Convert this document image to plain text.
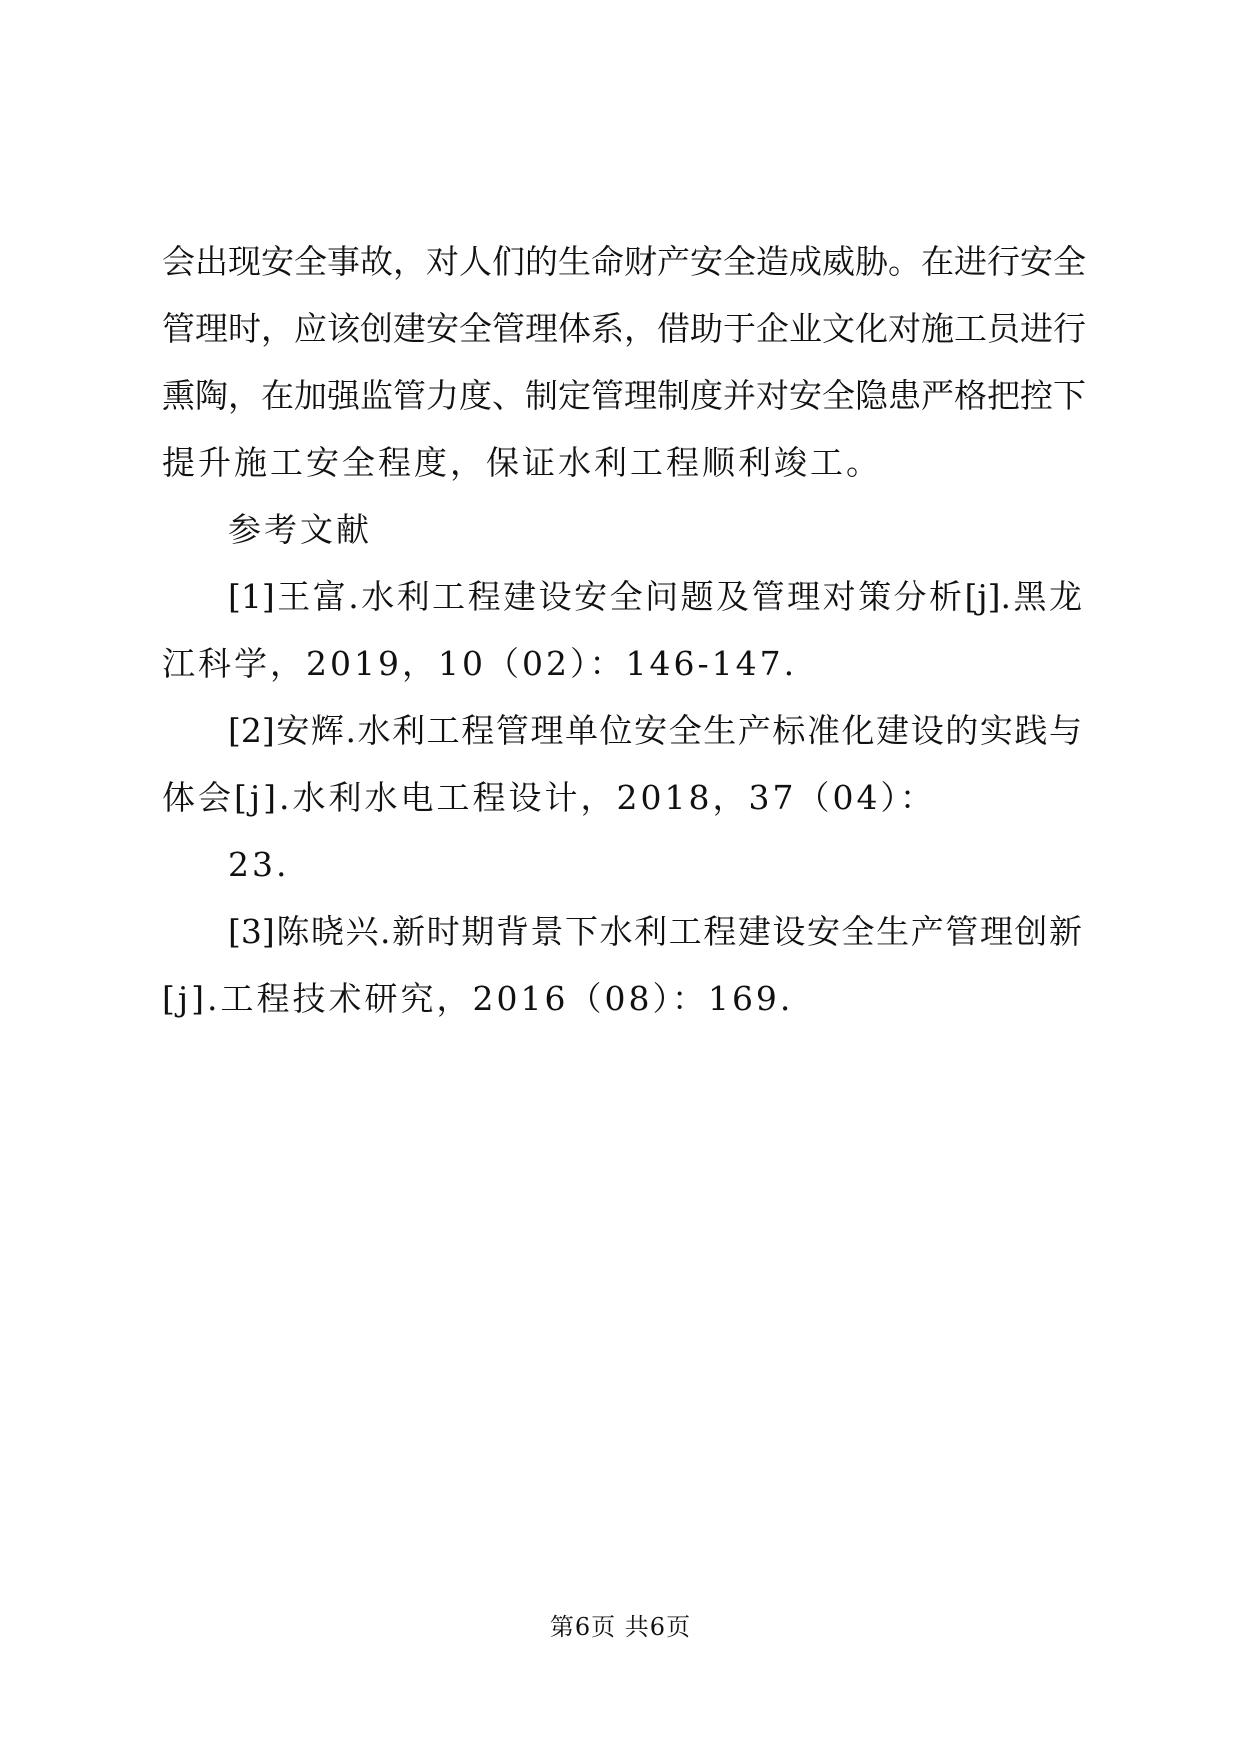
会出现安全事故，对人们的生命财产安全造成威胁。在进行安全
管理时，应该创建安全管理体系，借助于企业文化对施工员进行
熏陶，在加强监管力度、制定管理制度并对安全隐患严格把控下
提升施工安全程度，保证水利工程顺利竣工。
参考文献
[1]王富.水利工程建设安全问题及管理对策分析[j].黑龙
江科学，2019，10（02）：146-147.
[2]安辉.水利工程管理单位安全生产标准化建设的实践与
体会[j].水利水电工程设计，2018，37（04）：
23.
[3]陈晓兴.新时期背景下水利工程建设安全生产管理创新
[j].工程技术研究，2016（08）：169.
第6页 共6页
